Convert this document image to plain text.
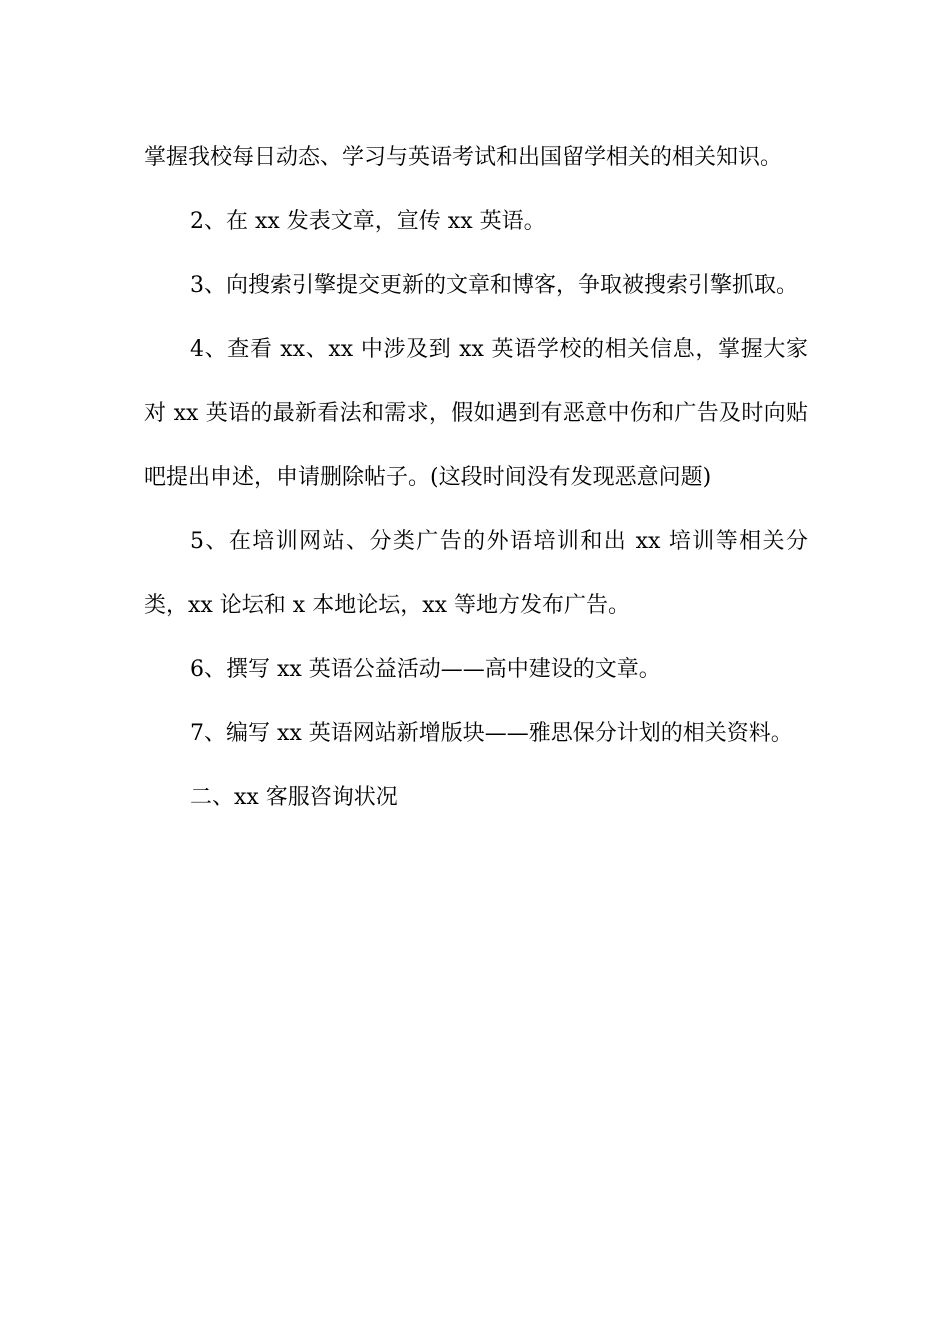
掌握我校每日动态、学习与英语考试和出国留学相关的相关知识。

2、在 xx 发表文章，宣传 xx 英语。

3、向搜索引擎提交更新的文章和博客，争取被搜索引擎抓取。

4、查看 xx、xx 中涉及到 xx 英语学校的相关信息，掌握大家对 xx 英语的最新看法和需求，假如遇到有恶意中伤和广告及时向贴吧提出申述，申请删除帖子。(这段时间没有发现恶意问题)

5、在培训网站、分类广告的外语培训和出 xx 培训等相关分类，xx 论坛和 x 本地论坛，xx 等地方发布广告。

6、撰写 xx 英语公益活动——高中建设的文章。

7、编写 xx 英语网站新增版块——雅思保分计划的相关资料。

二、xx 客服咨询状况
